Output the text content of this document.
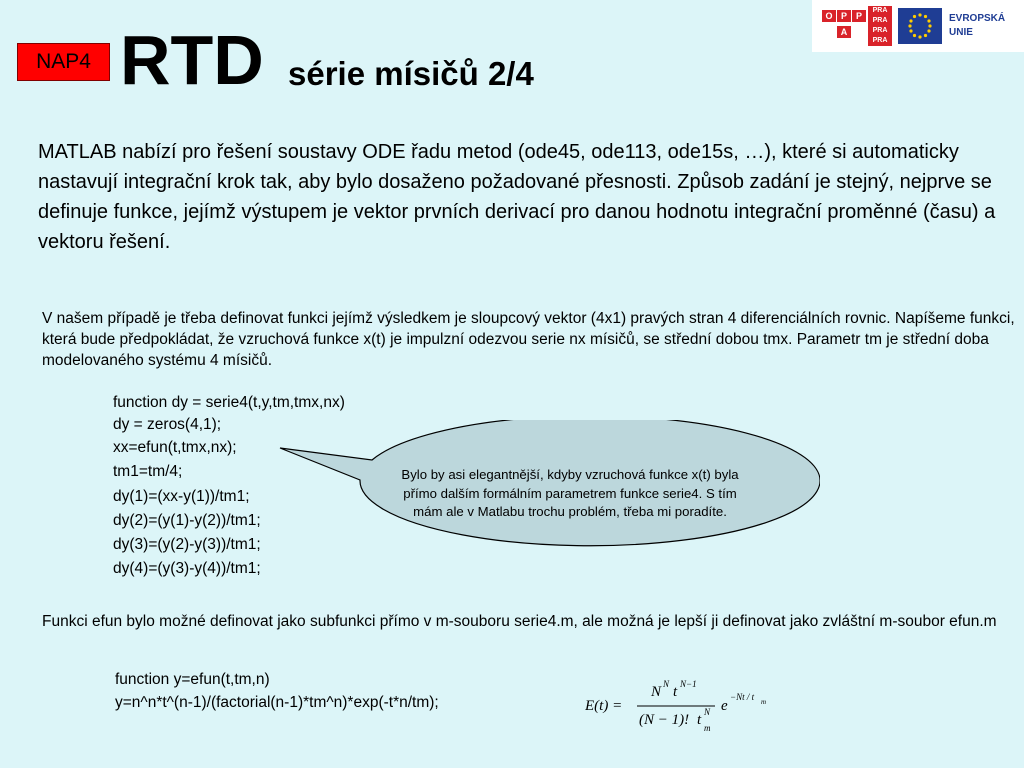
NAP4 RTD série mísičů 2/4
O P P
A
PRA
PRA
PRA
PRA
EVROPSKÁ
UNIE
MATLAB nabízí pro řešení soustavy ODE řadu metod (ode45, ode113, ode15s, …), které si automaticky nastavují integrační krok tak, aby bylo dosaženo požadované přesnosti. Způsob zadání je stejný, nejprve se definuje funkce, jejímž výstupem je vektor prvních derivací pro danou hodnotu integrační proměnné (času) a vektoru řešení.
V našem případě je třeba definovat funkci jejímž výsledkem je sloupcový vektor (4x1) pravých stran 4 diferenciálních rovnic. Napíšeme funkci, která bude předpokládat, že vzruchová funkce x(t) je impulzní odezvou serie nx mísičů, se střední dobou tmx. Parametr tm je střední doba modelovaného systému 4 mísičů.
function dy = serie4(t,y,tm,tmx,nx)
dy = zeros(4,1);
xx=efun(t,tmx,nx);
tm1=tm/4;
dy(1)=(xx-y(1))/tm1;
dy(2)=(y(1)-y(2))/tm1;
dy(3)=(y(2)-y(3))/tm1;
dy(4)=(y(3)-y(4))/tm1;
Bylo by asi elegantnější, kdyby vzruchová funkce x(t) byla přímo dalším formálním parametrem funkce serie4. S tím mám ale v Matlabu trochu problém, třeba mi poradíte.
Funkci efun bylo možné definovat jako subfunkci přímo v m-souboru serie4.m, ale možná je lepší ji definovat jako zvláštní m-soubor efun.m
function y=efun(t,tm,n)
y=n^n*t^(n-1)/(factorial(n-1)*tm^n)*exp(-t*n/tm);	E(t) =
N N t N−1
(N − 1)! t m
N e
−Nt / t m
